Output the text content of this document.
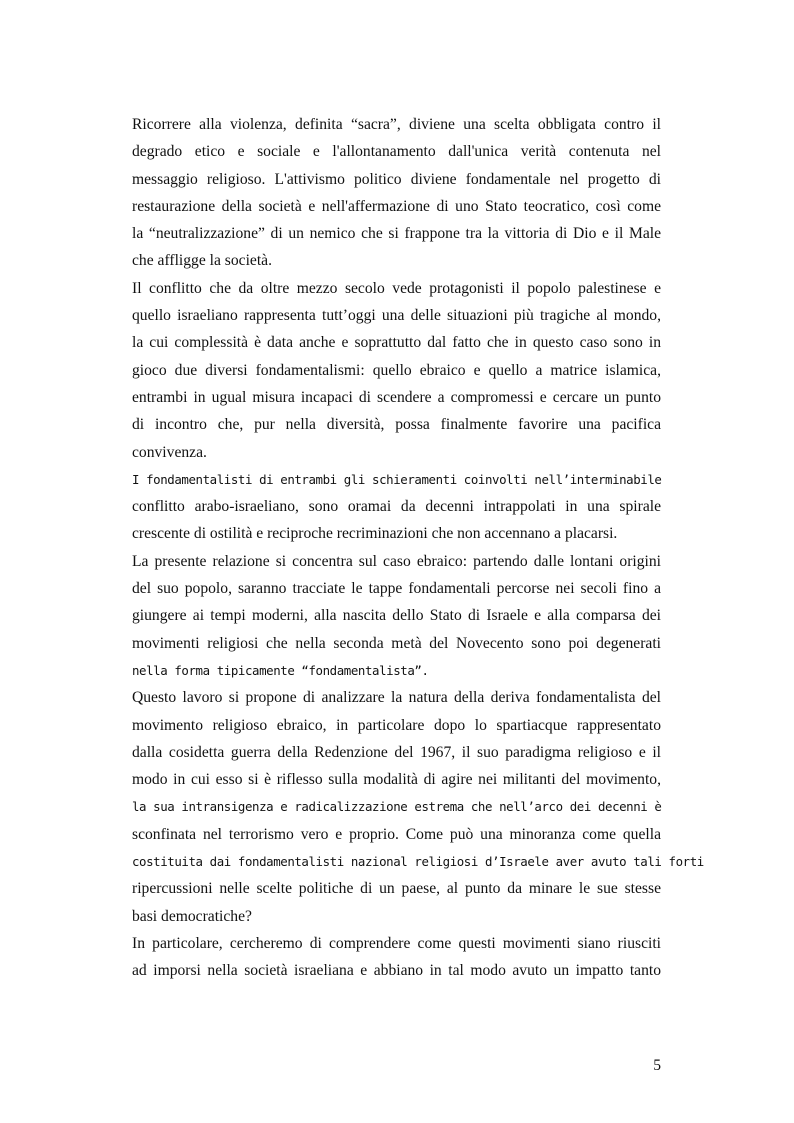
Ricorrere alla violenza, definita “sacra”, diviene una scelta obbligata contro il
degrado etico e sociale e l'allontanamento dall'unica verità contenuta nel
messaggio religioso. L'attivismo politico diviene fondamentale nel progetto di
restaurazione della società e nell'affermazione di uno Stato teocratico, così come
la “neutralizzazione” di un nemico che si frappone tra la vittoria di Dio e il Male
che affligge la società.
Il conflitto che da oltre mezzo secolo vede protagonisti il popolo palestinese e
quello israeliano rappresenta tutt’oggi una delle situazioni più tragiche al mondo,
la cui complessità è data anche e soprattutto dal fatto che in questo caso sono in
gioco due diversi fondamentalismi: quello ebraico e quello a matrice islamica,
entrambi in ugual misura incapaci di scendere a compromessi e cercare un punto
di incontro che, pur nella diversità, possa finalmente favorire una pacifica
convivenza.
I fondamentalisti di entrambi gli schieramenti coinvolti nell’interminabile
conflitto arabo-israeliano, sono oramai da decenni intrappolati in una spirale
crescente di ostilità e reciproche recriminazioni che non accennano a placarsi.
La presente relazione si concentra sul caso ebraico: partendo dalle lontani origini
del suo popolo, saranno tracciate le tappe fondamentali percorse nei secoli fino a
giungere ai tempi moderni, alla nascita dello Stato di Israele e alla comparsa dei
movimenti religiosi che nella seconda metà del Novecento sono poi degenerati
nella forma tipicamente “fondamentalista”.
Questo lavoro si propone di analizzare la natura della deriva fondamentalista del
movimento religioso ebraico, in particolare dopo lo spartiacque rappresentato
dalla cosidetta guerra della Redenzione del 1967, il suo paradigma religioso e il
modo in cui esso si è riflesso sulla modalità di agire nei militanti del movimento,
la sua intransigenza e radicalizzazione estrema che nell’arco dei decenni è
sconfinata nel terrorismo vero e proprio. Come può una minoranza come quella
costituita dai fondamentalisti nazional religiosi d’Israele aver avuto tali forti
ripercussioni nelle scelte politiche di un paese, al punto da minare le sue stesse
basi democratiche?
In particolare, cercheremo di comprendere come questi movimenti siano riusciti
ad imporsi nella società israeliana e abbiano in tal modo avuto un impatto tanto
5
